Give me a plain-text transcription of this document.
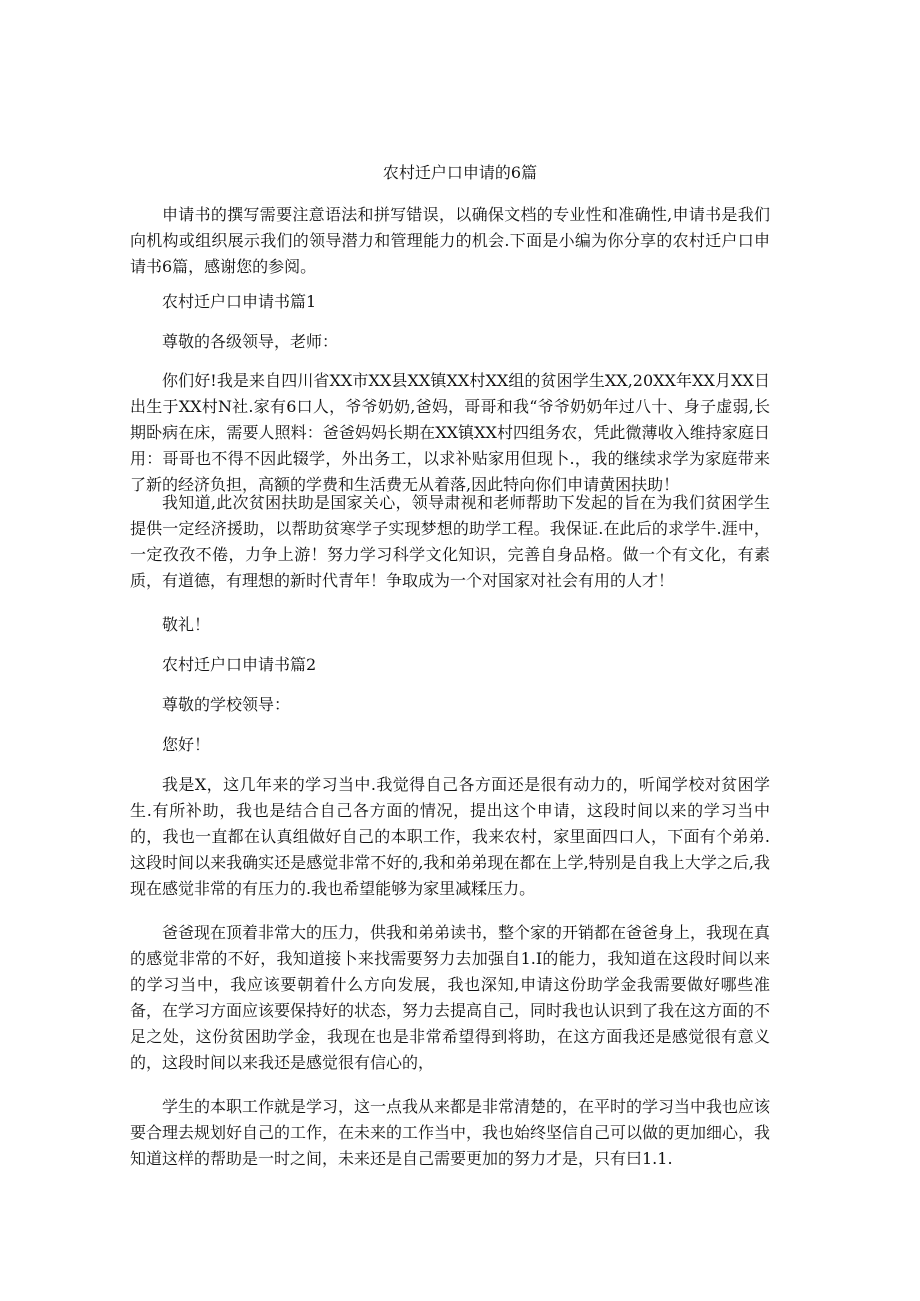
农村迁户口申请的6篇

申请书的撰写需要注意语法和拼写错误，以确保文档的专业性和准确性,申请书是我们向机构或组织展示我们的领导潜力和管理能力的机会.下面是小编为你分享的农村迁户口申请书6篇，感谢您的参阅。

农村迁户口申请书篇1

尊敬的各级领导，老师：

你们好!我是来自四川省XX市XX县XX镇XX村XX组的贫困学生XX,20XX年XX月XX日出生于XX村N社.家有6口人，爷爷奶奶,爸妈，哥哥和我“爷爷奶奶年过八十、身子虚弱,长期卧病在床，需要人照料：爸爸妈妈长期在XX镇XX村四组务农，凭此微薄收入维持家庭日用：哥哥也不得不因此辍学，外出务工，以求补贴家用但现卜.，我的继续求学为家庭带来了新的经济负担，高额的学费和生活费无从着落,因此特向你们申请黄困扶助！

我知道,此次贫困扶助是国家关心，领导肃视和老师帮助下发起的旨在为我们贫困学生提供一定经济援助，以帮助贫寒学子实现梦想的助学工程。我保证.在此后的求学牛.涯中，一定孜孜不倦，力争上游！努力学习科学文化知识，完善自身品格。做一个有文化，有素质，有道德，有理想的新时代青年！争取成为一个对国家对社会有用的人才！

敬礼！

农村迁户口申请书篇2

尊敬的学校领导：

您好！

我是X，这几年来的学习当中.我觉得自己各方面还是很有动力的，听闻学校对贫困学生.有所补助，我也是结合自己各方面的情况，提出这个申请，这段时间以来的学习当中的，我也一直都在认真组做好自己的本职工作，我来农村，家里面四口人，下面有个弟弟.这段时间以来我确实还是感觉非常不好的,我和弟弟现在都在上学,特别是自我上大学之后,我现在感觉非常的有压力的.我也希望能够为家里减糅压力。

爸爸现在顶着非常大的压力，供我和弟弟读书，整个家的开销都在爸爸身上，我现在真的感觉非常的不好，我知道接卜来找需要努力去加强自1.I的能力，我知道在这段时间以来的学习当中，我应该要朝着什么方向发展，我也深知,申请这份助学金我需要做好哪些准备，在学习方面应该要保持好的状态，努力去提高自己，同时我也认识到了我在这方面的不足之处，这份贫困助学金，我现在也是非常希望得到将助，在这方面我还是感觉很有意义的，这段时间以来我还是感觉很有信心的，

学生的本职工作就是学习，这一点我从来都是非常清楚的，在平时的学习当中我也应该要合理去规划好自己的工作，在未来的工作当中，我也始终坚信自己可以做的更加细心，我知道这样的帮助是一时之间，未来还是自己需要更加的努力才是，只有曰1.1.
